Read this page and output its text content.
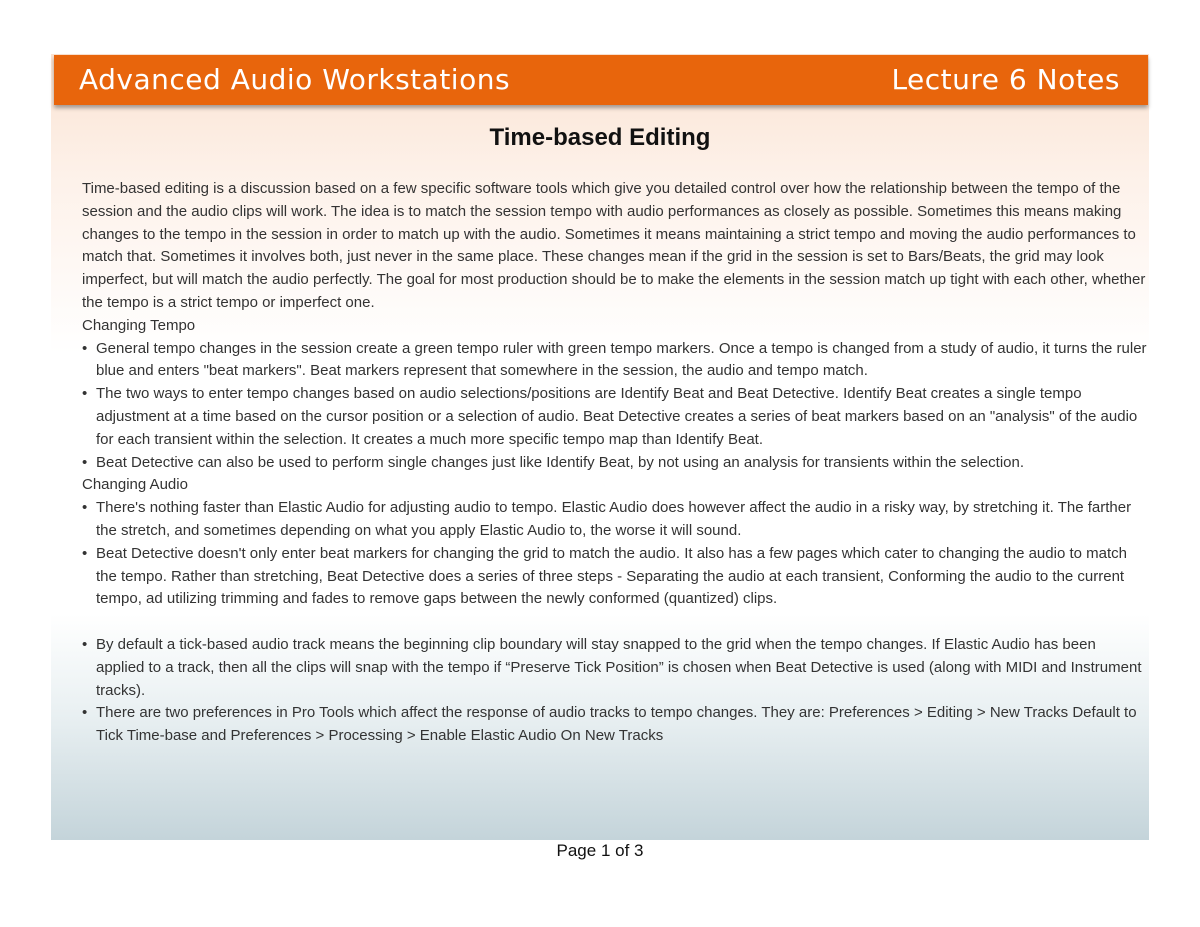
Advanced Audio Workstations	Lecture 6 Notes
Time-based Editing

Time-based editing is a discussion based on a few specific software tools which give you detailed control over how the relationship between the tempo of the session and the audio clips will work. The idea is to match the session tempo with audio performances as closely as possible. Sometimes this means making changes to the tempo in the session in order to match up with the audio. Sometimes it means maintaining a strict tempo and moving the audio performances to match that. Sometimes it involves both, just never in the same place. These changes mean if the grid in the session is set to Bars/Beats, the grid may look imperfect, but will match the audio perfectly. The goal for most production should be to make the elements in the session match up tight with each other, whether the tempo is a strict tempo or imperfect one.

Changing Tempo

• General tempo changes in the session create a green tempo ruler with green tempo markers. Once a tempo is changed from a study of audio, it turns the ruler blue and enters "beat markers". Beat markers represent that somewhere in the session, the audio and tempo match.
• The two ways to enter tempo changes based on audio selections/positions are Identify Beat and Beat Detective. Identify Beat creates a single tempo adjustment at a time based on the cursor position or a selection of audio. Beat Detective creates a series of beat markers based on an "analysis" of the audio for each transient within the selection. It creates a much more specific tempo map than Identify Beat.
• Beat Detective can also be used to perform single changes just like Identify Beat, by not using an analysis for transients within the selection.

Changing Audio

• There's nothing faster than Elastic Audio for adjusting audio to tempo. Elastic Audio does however affect the audio in a risky way, by stretching it. The farther the stretch, and sometimes depending on what you apply Elastic Audio to, the worse it will sound.
• Beat Detective doesn't only enter beat markers for changing the grid to match the audio. It also has a few pages which cater to changing the audio to match the tempo. Rather than stretching, Beat Detective does a series of three steps - Separating the audio at each transient, Conforming the audio to the current tempo, ad utilizing trimming and fades to remove gaps between the newly conformed (quantized) clips.
• By default a tick-based audio track means the beginning clip boundary will stay snapped to the grid when the tempo changes. If Elastic Audio has been applied to a track, then all the clips will snap with the tempo if “Preserve Tick Position” is chosen when Beat Detective is used (along with MIDI and Instrument tracks).
• There are two preferences in Pro Tools which affect the response of audio tracks to tempo changes. They are: Preferences > Editing > New Tracks Default to Tick Time-base and Preferences > Processing > Enable Elastic Audio On New Tracks
Page 1 of 3
